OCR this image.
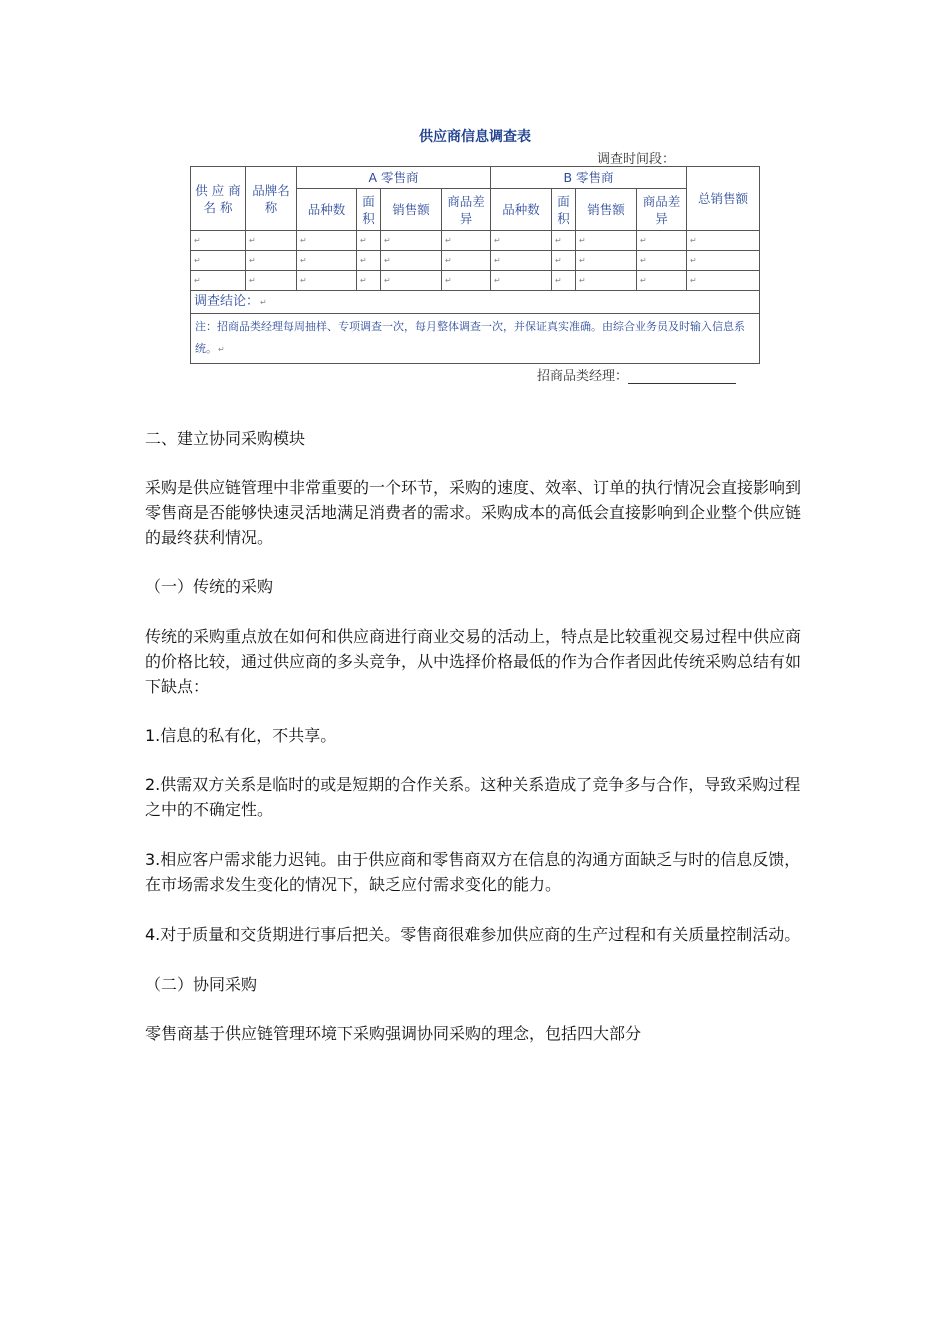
供应商信息调查表
调查时间段：
供 应 商 名 称	品牌名称	A 零售商				B 零售商				总销售额
		品种数	面积	销售额	商品差异	品种数	面积	销售额	商品差异	
↵	↵	↵	↵	↵	↵	↵	↵	↵	↵	↵
↵	↵	↵	↵	↵	↵	↵	↵	↵	↵	↵
↵	↵	↵	↵	↵	↵	↵	↵	↵	↵	↵
调查结论：↵										
注：招商品类经理每周抽样、专项调查一次，每月整体调查一次，并保证真实准确。由综合业务员及时输入信息系统。↵										
招商品类经理：

二、建立协同采购模块

采购是供应链管理中非常重要的一个环节，采购的速度、效率、订单的执行情况会直接影响到零售商是否能够快速灵活地满足消费者的需求。采购成本的高低会直接影响到企业整个供应链的最终获利情况。

（一）传统的采购

传统的采购重点放在如何和供应商进行商业交易的活动上，特点是比较重视交易过程中供应商的价格比较，通过供应商的多头竞争，从中选择价格最低的作为合作者因此传统采购总结有如下缺点：

1.信息的私有化，不共享。

2.供需双方关系是临时的或是短期的合作关系。这种关系造成了竞争多与合作，导致采购过程之中的不确定性。

3.相应客户需求能力迟钝。由于供应商和零售商双方在信息的沟通方面缺乏与时的信息反馈，在市场需求发生变化的情况下，缺乏应付需求变化的能力。

4.对于质量和交货期进行事后把关。零售商很难参加供应商的生产过程和有关质量控制活动。

（二）协同采购

零售商基于供应链管理环境下采购强调协同采购的理念，包括四大部分
